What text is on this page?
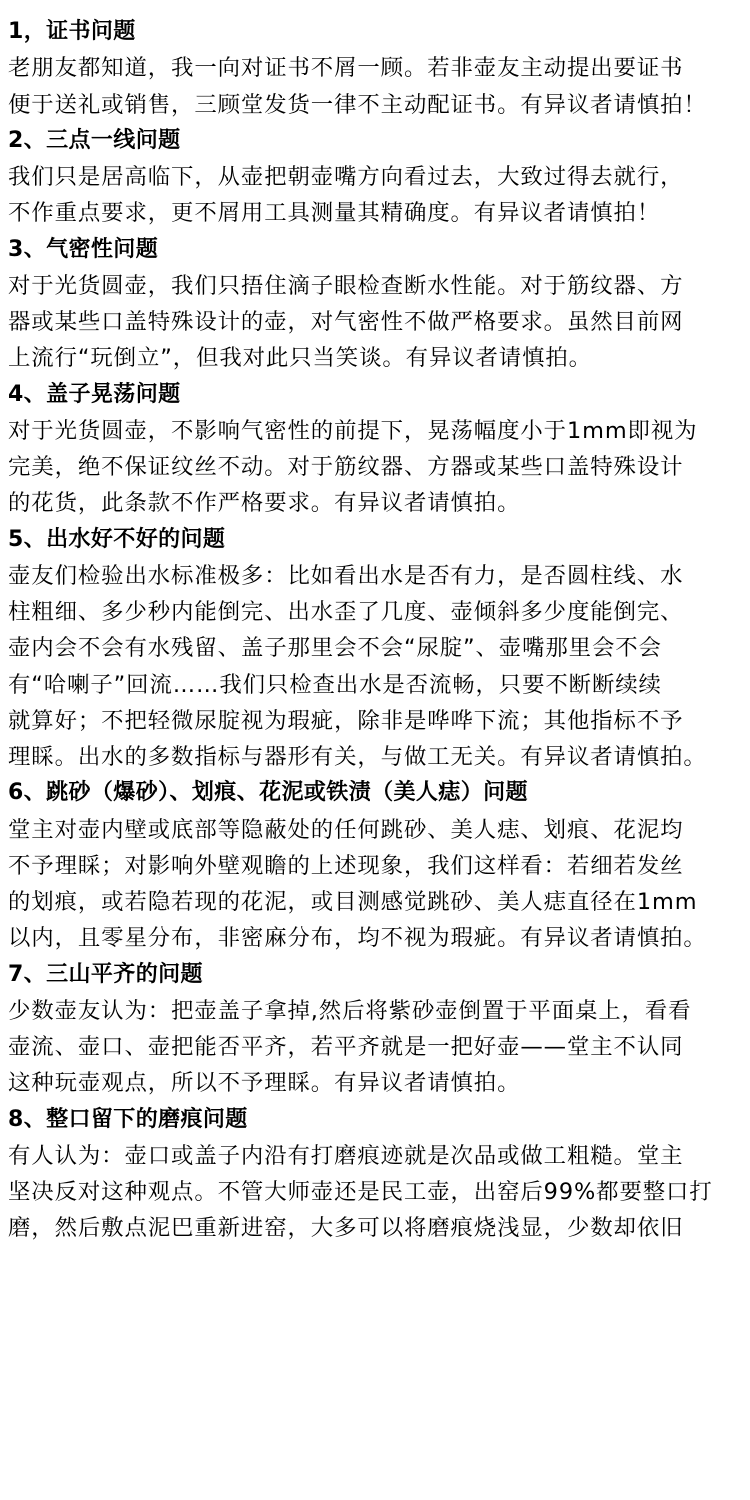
1，证书问题
老朋友都知道，我一向对证书不屑一顾。若非壶友主动提出要证书
便于送礼或销售，三顾堂发货一律不主动配证书。有异议者请慎拍！
2、三点一线问题
我们只是居高临下，从壶把朝壶嘴方向看过去，大致过得去就行，
不作重点要求，更不屑用工具测量其精确度。有异议者请慎拍！
3、气密性问题
对于光货圆壶，我们只捂住滴子眼检查断水性能。对于筋纹器、方
器或某些口盖特殊设计的壶，对气密性不做严格要求。虽然目前网
上流行“玩倒立”，但我对此只当笑谈。有异议者请慎拍。
4、盖子晃荡问题
对于光货圆壶，不影响气密性的前提下，晃荡幅度小于1mm即视为
完美，绝不保证纹丝不动。对于筋纹器、方器或某些口盖特殊设计
的花货，此条款不作严格要求。有异议者请慎拍。
5、出水好不好的问题
壶友们检验出水标准极多：比如看出水是否有力，是否圆柱线、水
柱粗细、多少秒内能倒完、出水歪了几度、壶倾斜多少度能倒完、
壶内会不会有水残留、盖子那里会不会“尿腚”、壶嘴那里会不会
有“哈喇子”回流……我们只检查出水是否流畅，只要不断断续续
就算好；不把轻微尿腚视为瑕疵，除非是哗哗下流；其他指标不予
理睬。出水的多数指标与器形有关，与做工无关。有异议者请慎拍。
6、跳砂（爆砂）、划痕、花泥或铁渍（美人痣）问题
堂主对壶内壁或底部等隐蔽处的任何跳砂、美人痣、划痕、花泥均
不予理睬；对影响外壁观瞻的上述现象，我们这样看：若细若发丝
的划痕，或若隐若现的花泥，或目测感觉跳砂、美人痣直径在1mm
以内，且零星分布，非密麻分布，均不视为瑕疵。有异议者请慎拍。
7、三山平齐的问题
少数壶友认为：把壶盖子拿掉,然后将紫砂壶倒置于平面桌上，看看
壶流、壶口、壶把能否平齐，若平齐就是一把好壶——堂主不认同
这种玩壶观点，所以不予理睬。有异议者请慎拍。
8、整口留下的磨痕问题
有人认为：壶口或盖子内沿有打磨痕迹就是次品或做工粗糙。堂主
坚决反对这种观点。不管大师壶还是民工壶，出窑后99%都要整口打
磨，然后敷点泥巴重新进窑，大多可以将磨痕烧浅显，少数却依旧
